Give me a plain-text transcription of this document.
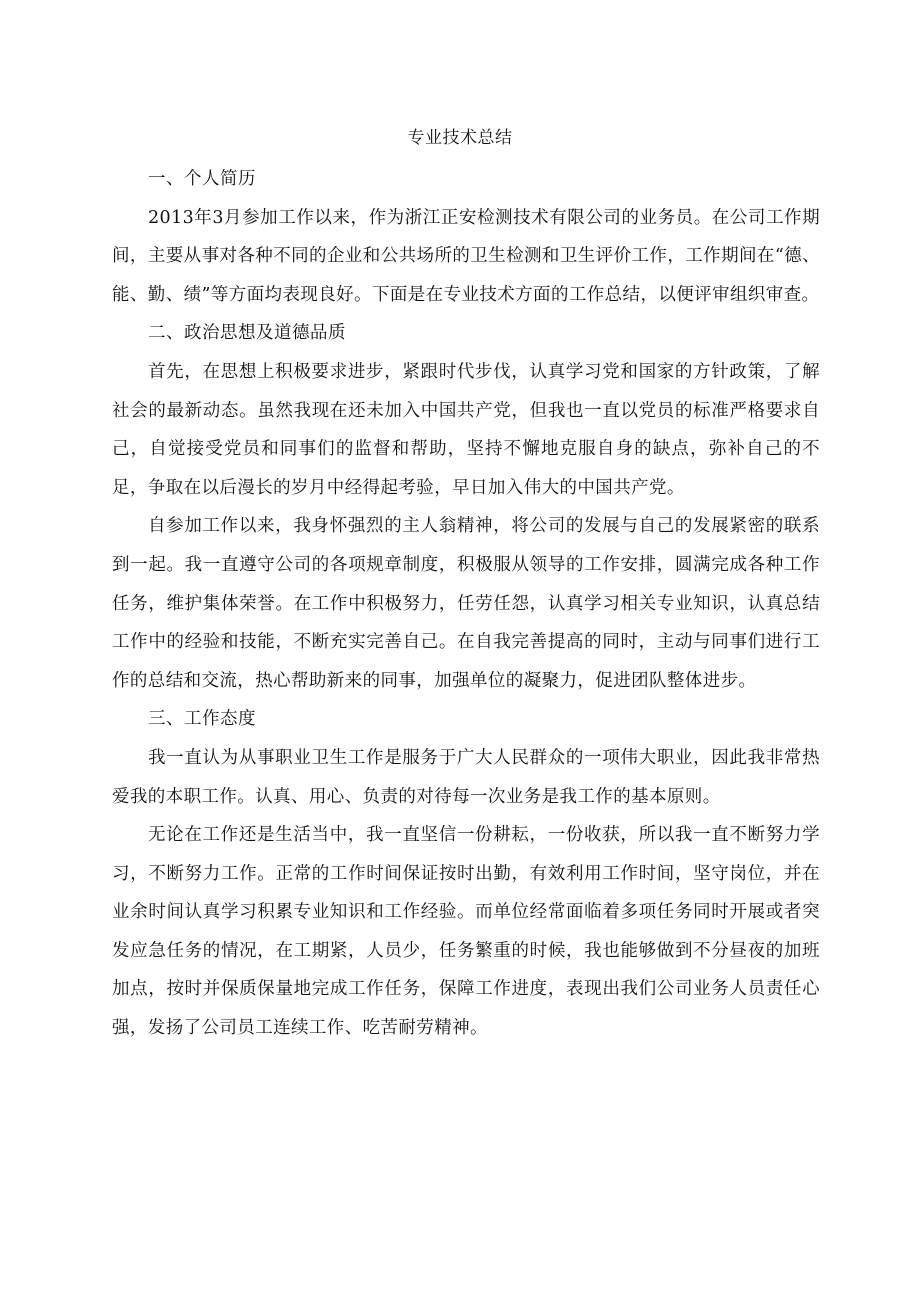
专业技术总结

一、个人简历

2013年3月参加工作以来，作为浙江正安检测技术有限公司的业务员。在公司工作期间，主要从事对各种不同的企业和公共场所的卫生检测和卫生评价工作，工作期间在“德、能、勤、绩”等方面均表现良好。下面是在专业技术方面的工作总结，以便评审组织审查。

二、政治思想及道德品质

首先，在思想上积极要求进步，紧跟时代步伐，认真学习党和国家的方针政策，了解社会的最新动态。虽然我现在还未加入中国共产党，但我也一直以党员的标准严格要求自己，自觉接受党员和同事们的监督和帮助，坚持不懈地克服自身的缺点，弥补自己的不足，争取在以后漫长的岁月中经得起考验，早日加入伟大的中国共产党。

自参加工作以来，我身怀强烈的主人翁精神，将公司的发展与自己的发展紧密的联系到一起。我一直遵守公司的各项规章制度，积极服从领导的工作安排，圆满完成各种工作任务，维护集体荣誉。在工作中积极努力，任劳任怨，认真学习相关专业知识，认真总结工作中的经验和技能，不断充实完善自己。在自我完善提高的同时，主动与同事们进行工作的总结和交流，热心帮助新来的同事，加强单位的凝聚力，促进团队整体进步。

三、工作态度

我一直认为从事职业卫生工作是服务于广大人民群众的一项伟大职业，因此我非常热爱我的本职工作。认真、用心、负责的对待每一次业务是我工作的基本原则。

无论在工作还是生活当中，我一直坚信一份耕耘，一份收获，所以我一直不断努力学习，不断努力工作。正常的工作时间保证按时出勤，有效利用工作时间，坚守岗位，并在业余时间认真学习积累专业知识和工作经验。而单位经常面临着多项任务同时开展或者突发应急任务的情况，在工期紧，人员少，任务繁重的时候，我也能够做到不分昼夜的加班加点，按时并保质保量地完成工作任务，保障工作进度，表现出我们公司业务人员责任心强，发扬了公司员工连续工作、吃苦耐劳精神。
